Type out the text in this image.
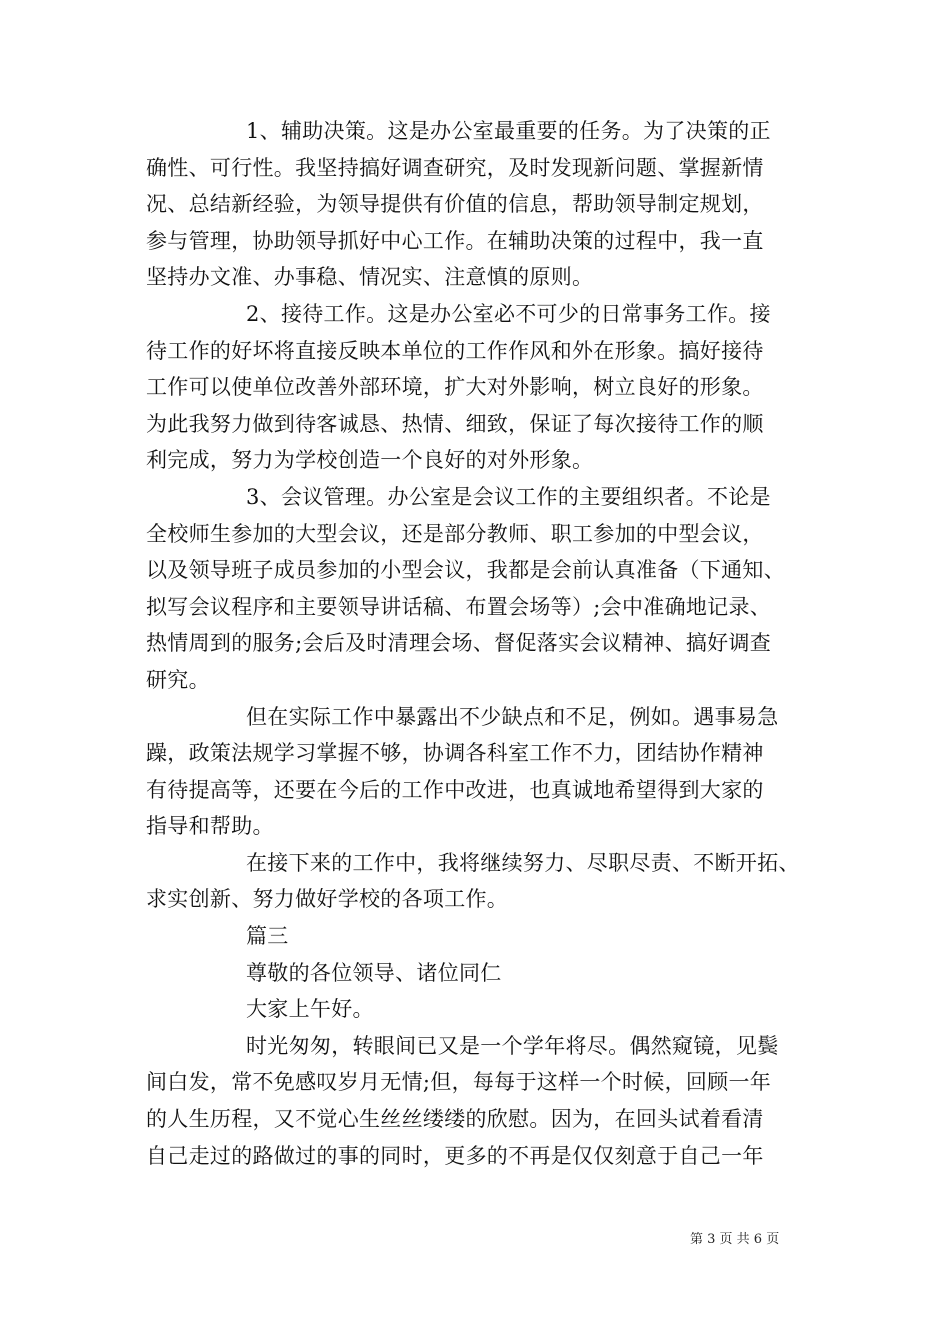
1、辅助决策。这是办公室最重要的任务。为了决策的正
确性、可行性。我坚持搞好调查研究，及时发现新问题、掌握新情
况、总结新经验，为领导提供有价值的信息，帮助领导制定规划，
参与管理，协助领导抓好中心工作。在辅助决策的过程中，我一直
坚持办文准、办事稳、情况实、注意慎的原则。
2、接待工作。这是办公室必不可少的日常事务工作。接
待工作的好坏将直接反映本单位的工作作风和外在形象。搞好接待
工作可以使单位改善外部环境，扩大对外影响，树立良好的形象。
为此我努力做到待客诚恳、热情、细致，保证了每次接待工作的顺
利完成，努力为学校创造一个良好的对外形象。
3、会议管理。办公室是会议工作的主要组织者。不论是
全校师生参加的大型会议，还是部分教师、职工参加的中型会议，
以及领导班子成员参加的小型会议，我都是会前认真准备（下通知、
拟写会议程序和主要领导讲话稿、布置会场等）;会中准确地记录、
热情周到的服务;会后及时清理会场、督促落实会议精神、搞好调查
研究。
但在实际工作中暴露出不少缺点和不足，例如。遇事易急
躁，政策法规学习掌握不够，协调各科室工作不力，团结协作精神
有待提高等，还要在今后的工作中改进，也真诚地希望得到大家的
指导和帮助。
在接下来的工作中，我将继续努力、尽职尽责、不断开拓、
求实创新、努力做好学校的各项工作。
篇三
尊敬的各位领导、诸位同仁
大家上午好。
时光匆匆，转眼间已又是一个学年将尽。偶然窥镜，见鬓
间白发，常不免感叹岁月无情;但，每每于这样一个时候，回顾一年
的人生历程，又不觉心生丝丝缕缕的欣慰。因为，在回头试着看清
自己走过的路做过的事的同时，更多的不再是仅仅刻意于自己一年
第 3 页 共 6 页
